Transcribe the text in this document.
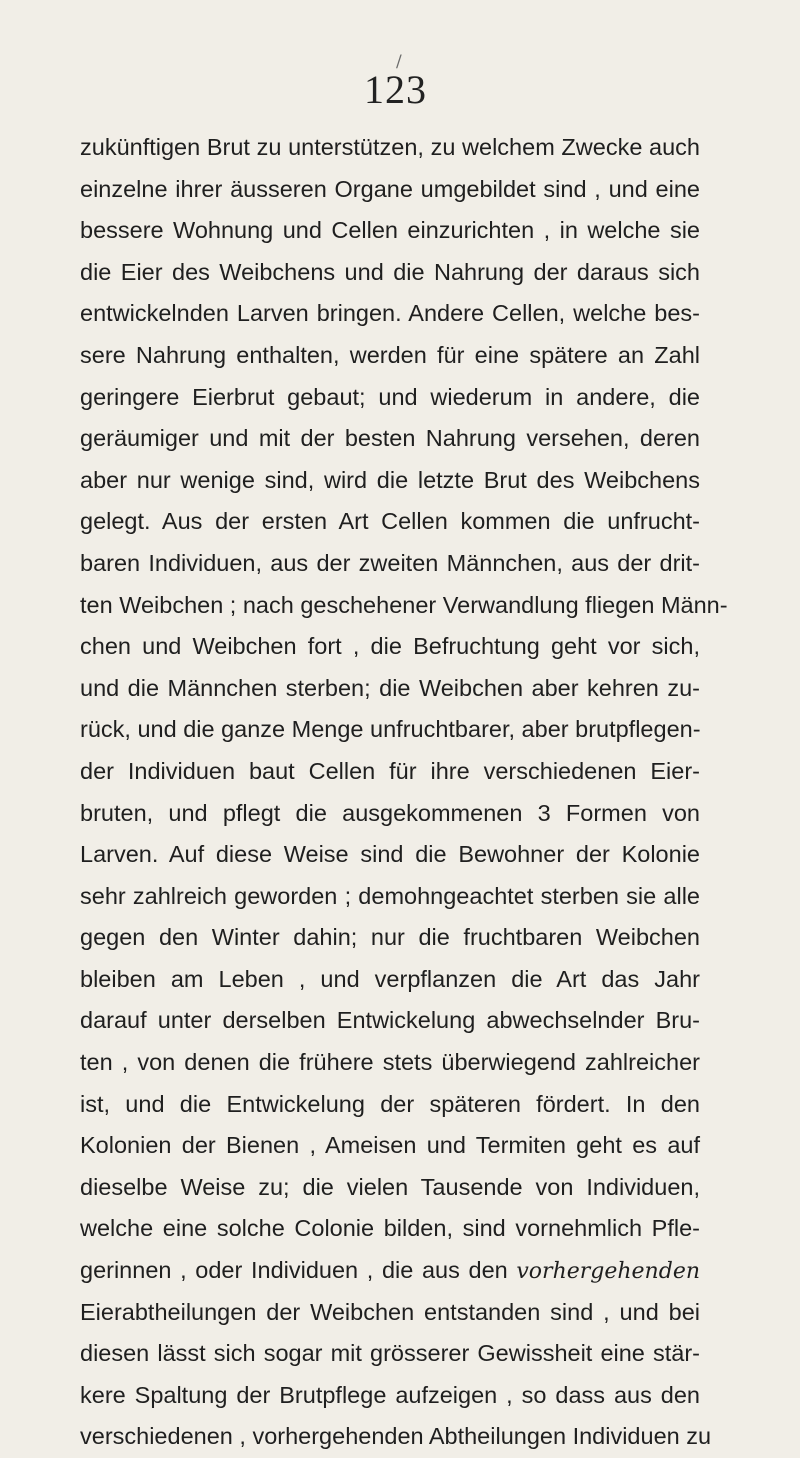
/
123
zukünftigen Brut zu unterstützen, zu welchem Zwecke auch
einzelne ihrer äusseren Organe umgebildet sind , und eine
bessere Wohnung und Cellen einzurichten , in welche sie
die Eier des Weibchens und die Nahrung der daraus sich
entwickelnden Larven bringen. Andere Cellen, welche bes-
sere Nahrung enthalten, werden für eine spätere an Zahl
geringere Eierbrut gebaut; und wiederum in andere, die
geräumiger und mit der besten Nahrung versehen, deren
aber nur wenige sind, wird die letzte Brut des Weibchens
gelegt. Aus der ersten Art Cellen kommen die unfrucht-
baren Individuen, aus der zweiten Männchen, aus der drit-
ten Weibchen ; nach geschehener Verwandlung fliegen Männ-
chen und Weibchen fort , die Befruchtung geht vor sich,
und die Männchen sterben; die Weibchen aber kehren zu-
rück, und die ganze Menge unfruchtbarer, aber brutpflegen-
der Individuen baut Cellen für ihre verschiedenen Eier-
bruten, und pflegt die ausgekommenen 3 Formen von
Larven. Auf diese Weise sind die Bewohner der Kolonie
sehr zahlreich geworden ; demohngeachtet sterben sie alle
gegen den Winter dahin; nur die fruchtbaren Weibchen
bleiben am Leben , und verpflanzen die Art das Jahr
darauf unter derselben Entwickelung abwechselnder Bru-
ten , von denen die frühere stets überwiegend zahlreicher
ist, und die Entwickelung der späteren fördert. In den
Kolonien der Bienen , Ameisen und Termiten geht es auf
dieselbe Weise zu; die vielen Tausende von Individuen,
welche eine solche Colonie bilden, sind vornehmlich Pfle-
gerinnen , oder Individuen , die aus den vorhergehenden
Eierabtheilungen der Weibchen entstanden sind , und bei
diesen lässt sich sogar mit grösserer Gewissheit eine stär-
kere Spaltung der Brutpflege aufzeigen , so dass aus den
verschiedenen , vorhergehenden Abtheilungen Individuen zu
